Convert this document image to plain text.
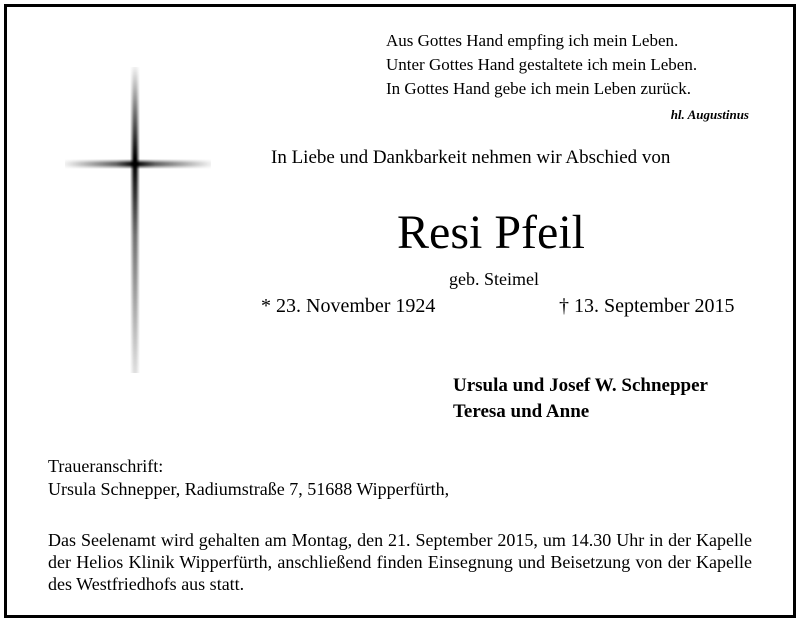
Aus Gottes Hand empfing ich mein Leben.
Unter Gottes Hand gestaltete ich mein Leben.
In Gottes Hand gebe ich mein Leben zurück.
hl. Augustinus
In Liebe und Dankbarkeit nehmen wir Abschied von
Resi Pfeil
geb. Steimel
* 23. November 1924	† 13. September 2015
Ursula und Josef W. Schnepper
Teresa und Anne
Traueranschrift:
Ursula Schnepper, Radiumstraße 7, 51688 Wipperfürth,
Das Seelenamt wird gehalten am Montag, den 21. September 2015, um 14.30 Uhr in der Kapelle der Helios Klinik Wipperfürth, anschließend finden Einsegnung und Beisetzung von der Kapelle des Westfriedhofs aus statt.
